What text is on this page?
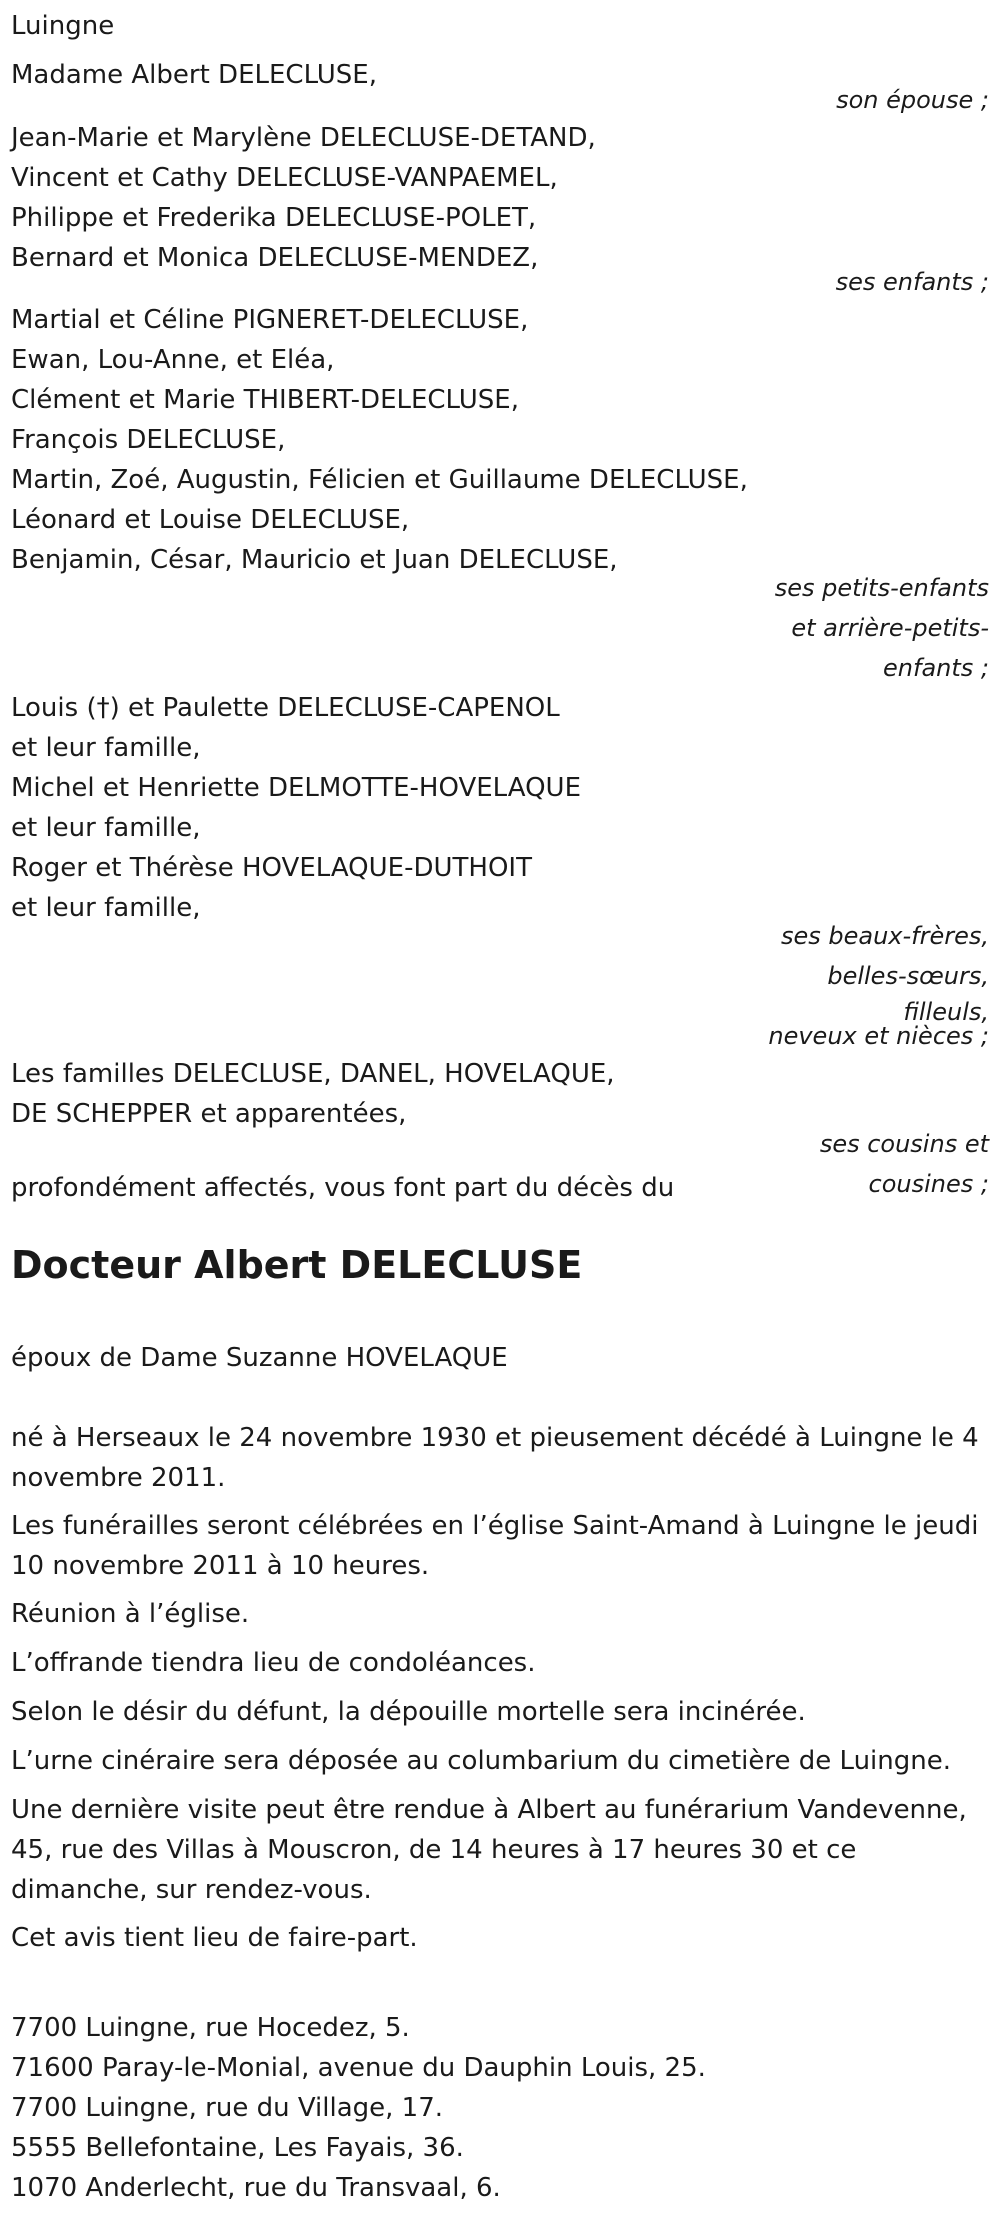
Luingne
Madame Albert DELECLUSE,
son épouse ;
Jean-Marie et Marylène DELECLUSE-DETAND,
Vincent et Cathy DELECLUSE-VANPAEMEL,
Philippe et Frederika DELECLUSE-POLET,
Bernard et Monica DELECLUSE-MENDEZ,
ses enfants ;
Martial et Céline PIGNERET-DELECLUSE,
Ewan, Lou-Anne, et Eléa,
Clément et Marie THIBERT-DELECLUSE,
François DELECLUSE,
Martin, Zoé, Augustin, Félicien et Guillaume DELECLUSE,
Léonard et Louise DELECLUSE,
Benjamin, César, Mauricio et Juan DELECLUSE,
ses petits-enfants
et arrière-petits-
enfants ;
Louis (†) et Paulette DELECLUSE-CAPENOL
et leur famille,
Michel et Henriette DELMOTTE-HOVELAQUE
et leur famille,
Roger et Thérèse HOVELAQUE-DUTHOIT
et leur famille,
ses beaux-frères,
belles-sœurs,
filleuls,
neveux et nièces ;
Les familles DELECLUSE, DANEL, HOVELAQUE,
DE SCHEPPER et apparentées,
ses cousins et
cousines ;
profondément affectés, vous font part du décès du
Docteur Albert DELECLUSE
époux de Dame Suzanne HOVELAQUE
né à Herseaux le 24 novembre 1930 et pieusement décédé à Luingne le 4 novembre 2011.
Les funérailles seront célébrées en l’église Saint-Amand à Luingne le jeudi 10 novembre 2011 à 10 heures.
Réunion à l’église.
L’offrande tiendra lieu de condoléances.
Selon le désir du défunt, la dépouille mortelle sera incinérée.
L’urne cinéraire sera déposée au columbarium du cimetière de Luingne.
Une dernière visite peut être rendue à Albert au funérarium Vandevenne, 45, rue des Villas à Mouscron, de 14 heures à 17 heures 30 et ce dimanche, sur rendez-vous.
Cet avis tient lieu de faire-part.
7700 Luingne, rue Hocedez, 5.
71600 Paray-le-Monial, avenue du Dauphin Louis, 25.
7700 Luingne, rue du Village, 17.
5555 Bellefontaine, Les Fayais, 36.
1070 Anderlecht, rue du Transvaal, 6.
